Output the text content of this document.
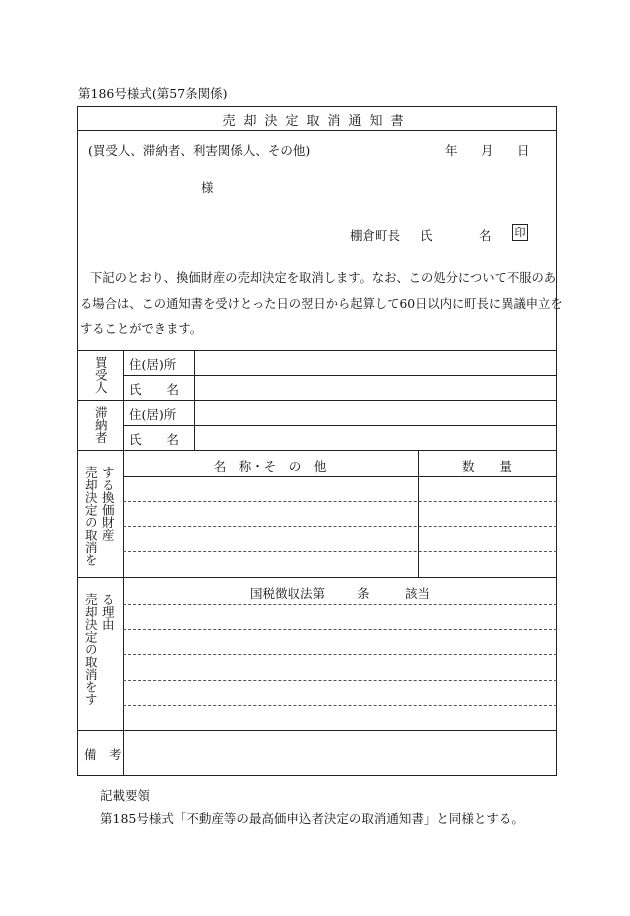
第186号様式(第57条関係)
売却決定取消通知書
(買受人、滞納者、利害関係人、その他)	年 月 日
様
棚倉町長 氏	名 印
下記のとおり、換価財産の売却決定を取消します。なお、この処分について不服のあ
る場合は、この通知書を受けとった日の翌日から起算して60日以内に町長に異議申立を
することができます。
買受人 住(居)所
氏　　名
滞納者 住(居)所
氏　　名
売却決定の取消を する換価財産	名　称・そ　の　他	数　　量
売却決定の取消をす る理由	国税徴収法第	条	該当
備　考
記載要領
第185号様式「不動産等の最高価申込者決定の取消通知書」と同様とする。
